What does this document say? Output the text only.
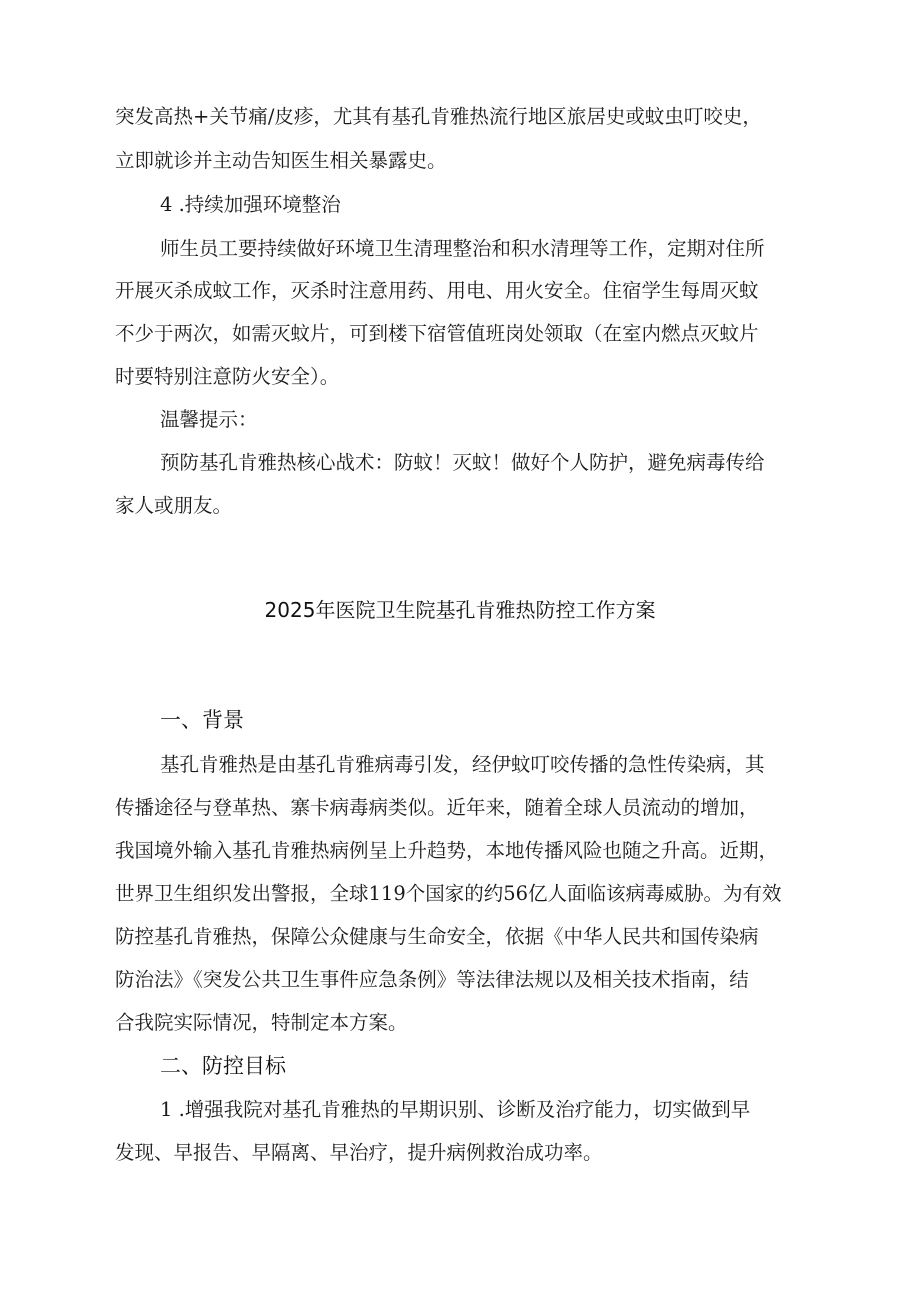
突发高热+关节痛/皮疹，尤其有基孔肯雅热流行地区旅居史或蚊虫叮咬史，
立即就诊并主动告知医生相关暴露史。
4 .持续加强环境整治
师生员工要持续做好环境卫生清理整治和积水清理等工作，定期对住所
开展灭杀成蚊工作，灭杀时注意用药、用电、用火安全。住宿学生每周灭蚊
不少于两次，如需灭蚊片，可到楼下宿管值班岗处领取（在室内燃点灭蚊片
时要特别注意防火安全）。
温馨提示：
预防基孔肯雅热核心战术：防蚊！灭蚊！做好个人防护，避免病毒传给
家人或朋友。
2025年医院卫生院基孔肯雅热防控工作方案
一、背景
基孔肯雅热是由基孔肯雅病毒引发，经伊蚊叮咬传播的急性传染病，其
传播途径与登革热、寨卡病毒病类似。近年来，随着全球人员流动的增加，
我国境外输入基孔肯雅热病例呈上升趋势，本地传播风险也随之升高。近期，
世界卫生组织发出警报，全球119个国家的约56亿人面临该病毒威胁。为有效
防控基孔肯雅热，保障公众健康与生命安全，依据《中华人民共和国传染病
防治法》《突发公共卫生事件应急条例》等法律法规以及相关技术指南，结
合我院实际情况，特制定本方案。
二、防控目标
1 .增强我院对基孔肯雅热的早期识别、诊断及治疗能力，切实做到早
发现、早报告、早隔离、早治疗，提升病例救治成功率。
